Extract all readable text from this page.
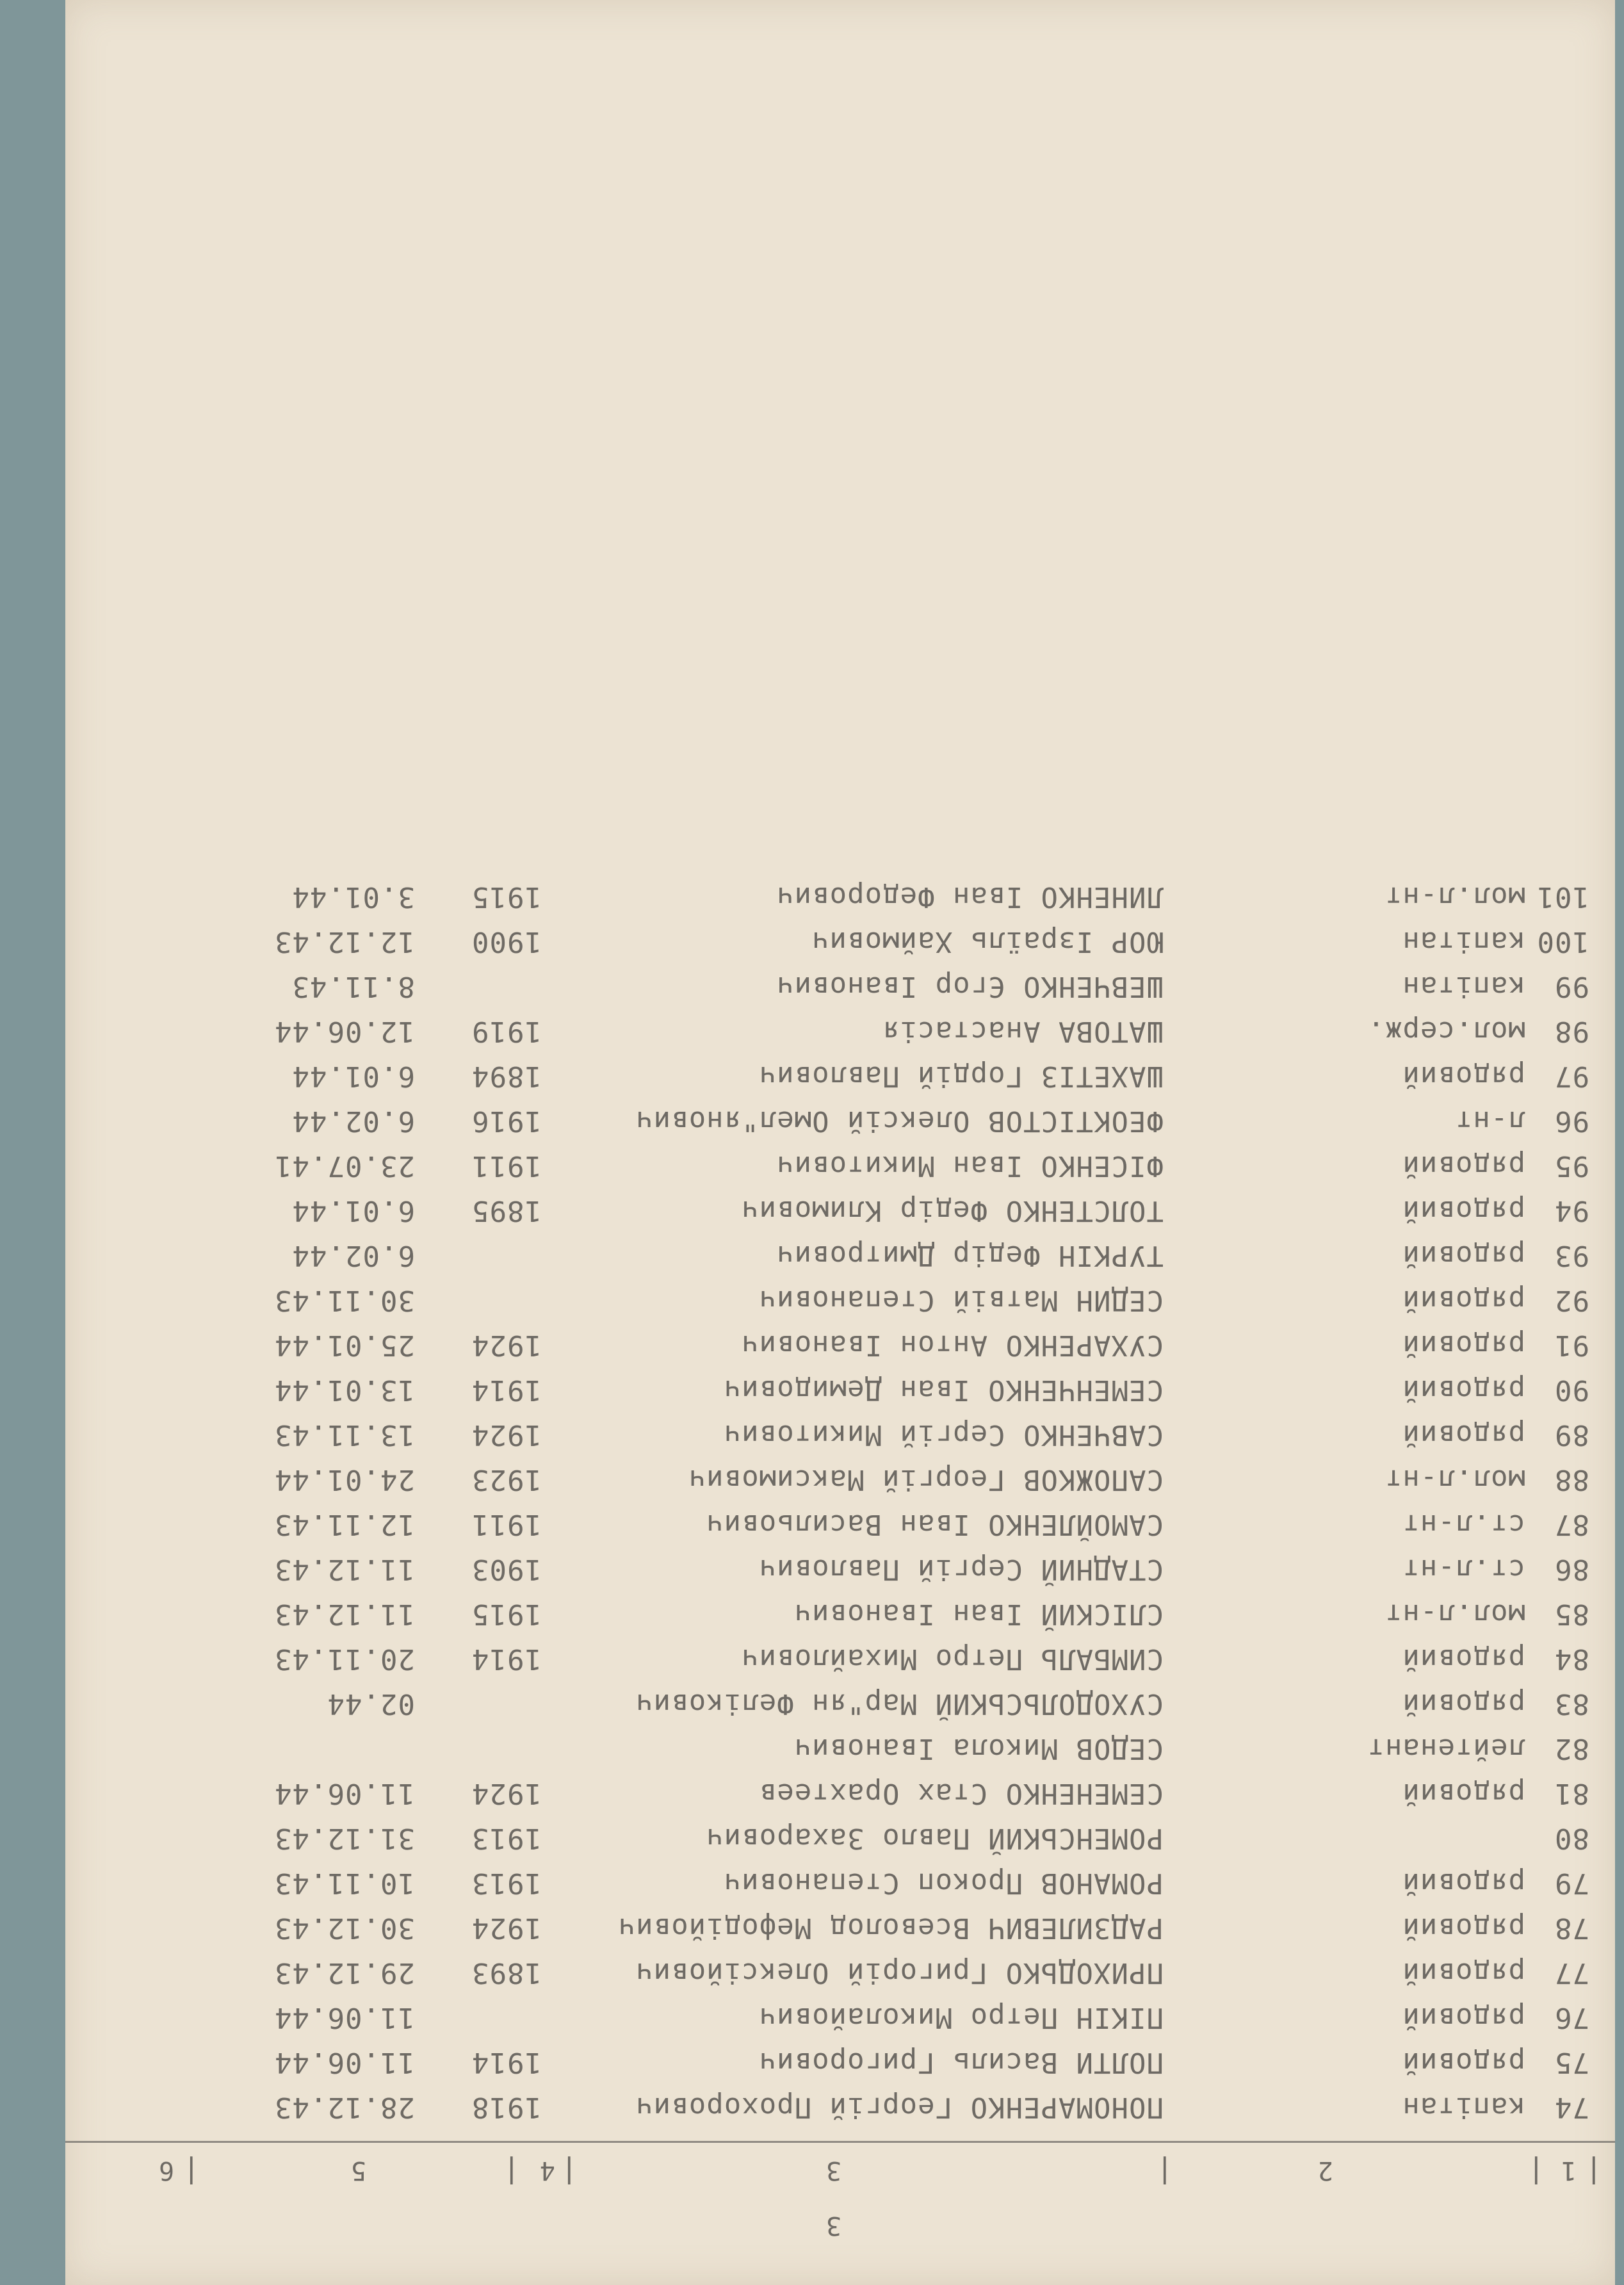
3
|
1
|
2
|
3
|
4
|
5
|
6
74
капітан
ПОНОМАРЕНКО Георгій Прохорович
1918
28.12.43
75
рядовий
ПОЛТИ Василь Григорович
1914
11.06.44
76
рядовий
ПІКІН Петро Миколайович
11.06.44
77
рядовий
ПРИХОДЬКО Григорій Олексійович
1893
29.12.43
78
рядовий
РАДЗИЛЕВИЧ Всеволод Мефодійович
1924
30.12.43
79
рядовий
РОМАНОВ Прокоп Степанович
1913
10.11.43
80
РОМЕНСЬКИЙ Павло Захарович
1913
31.12.43
81
рядовий
СЕМЕНЕНКО Стах Орахтеев
1924
11.06.44
82
лейтенант
СЕДОВ Микола Іванович
83
рядовий
СУХОДОЛЬСЬКИЙ Мар"ян Фелікович
02.44
84
рядовий
СИМБАЛЬ Петро Михайлович
1914
20.11.43
85
мол.л-нт
СЛІСКИЙ Іван Іванович
1915
11.12.43
86
ст.л-нт
СТАДНИЙ Сергій Павлович
1903
11.12.43
87
ст.л-нт
САМОЙЛЕНКО Іван Васильович
1911
12.11.43
88
мол.л-нт
САПОЖКОВ Георгій Максимович
1923
24.01.44
89
рядовий
САВЧЕНКО Сергій Микитович
1924
13.11.43
90
рядовий
СЕМЕНЧЕНКО Іван Демидович
1914
13.01.44
91
рядовий
СУХАРЕНКО Антон Іванович
1924
25.01.44
92
рядовий
СЕДИН Матвій Степанович
30.11.43
93
рядовий
ТУРКІН Федір Дмитрович
6.02.44
94
рядовий
ТОЛСТЕНКО Федір Климович
1895
6.01.44
95
рядовий
ФІСЕНКО Іван Микитович
1911
23.07.41
96
л-нт
ФЕОКТІСТОВ Олексій Омел"янович
1916
6.02.44
97
рядовий
ШАХЕТІЗ Гордій Павлович
1894
6.01.44
98
мол.серж.
ШАТОВА Анастасія
1919
12.06.44
99
капітан
ШЕВЧЕНКО Єгор Іванович
8.11.43
100
капітан
ЮОР Ізраїль Хаймович
1900
12.12.43
101
мол.л-нт
ЛИНЕНКО Іван Федорович
1915
3.01.44
